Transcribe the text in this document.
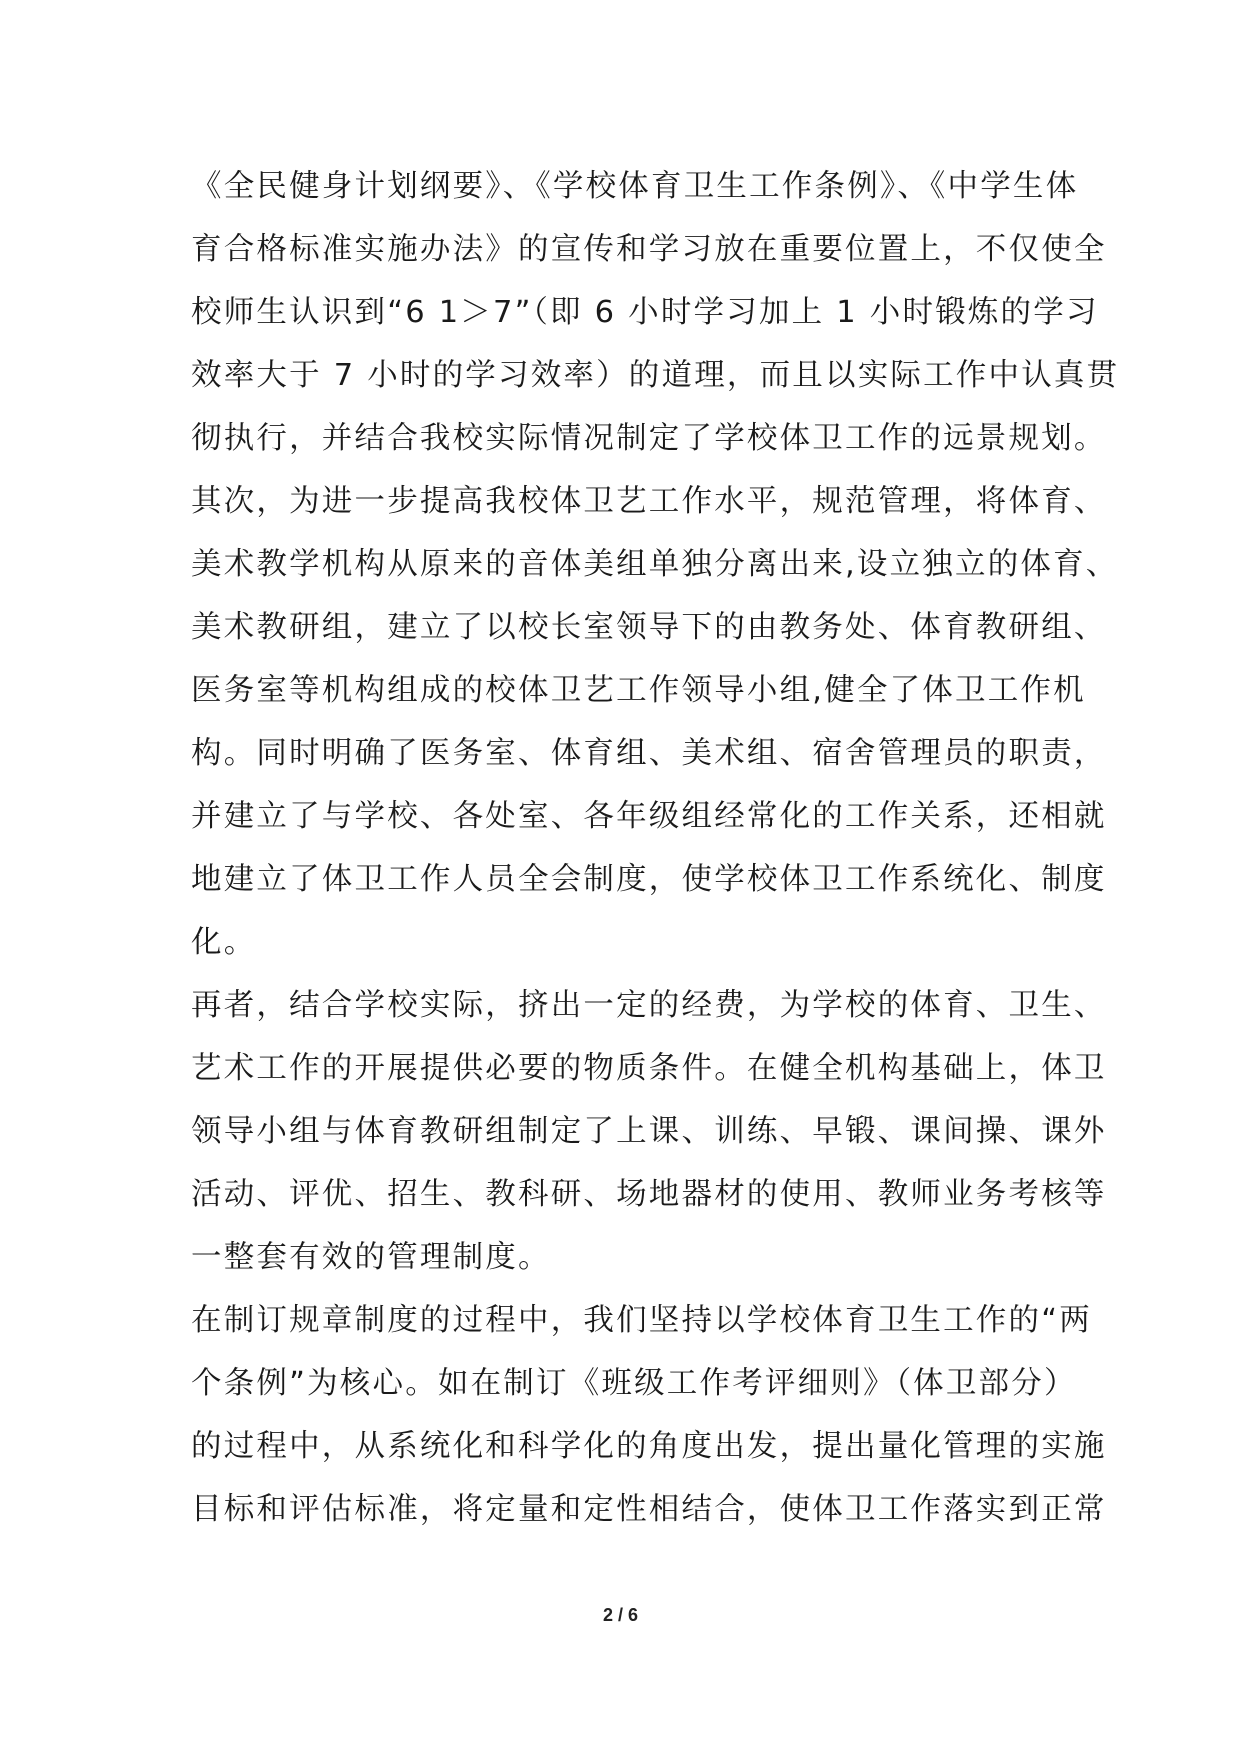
《全民健身计划纲要》、《学校体育卫生工作条例》、《中学生体
育合格标准实施办法》的宣传和学习放在重要位置上，不仅使全
校师生认识到“6 1＞7”（即 6 小时学习加上 1 小时锻炼的学习
效率大于 7 小时的学习效率）的道理，而且以实际工作中认真贯
彻执行，并结合我校实际情况制定了学校体卫工作的远景规划。
其次，为进一步提高我校体卫艺工作水平，规范管理，将体育、
美术教学机构从原来的音体美组单独分离出来,设立独立的体育、
美术教研组，建立了以校长室领导下的由教务处、体育教研组、
医务室等机构组成的校体卫艺工作领导小组,健全了体卫工作机
构。同时明确了医务室、体育组、美术组、宿舍管理员的职责，
并建立了与学校、各处室、各年级组经常化的工作关系，还相就
地建立了体卫工作人员全会制度，使学校体卫工作系统化、制度
化。
再者，结合学校实际，挤出一定的经费，为学校的体育、卫生、
艺术工作的开展提供必要的物质条件。在健全机构基础上，体卫
领导小组与体育教研组制定了上课、训练、早锻、课间操、课外
活动、评优、招生、教科研、场地器材的使用、教师业务考核等
一整套有效的管理制度。
在制订规章制度的过程中，我们坚持以学校体育卫生工作的“两
个条例”为核心。如在制订《班级工作考评细则》（体卫部分）
的过程中，从系统化和科学化的角度出发，提出量化管理的实施
目标和评估标准，将定量和定性相结合，使体卫工作落实到正常
2 / 6
